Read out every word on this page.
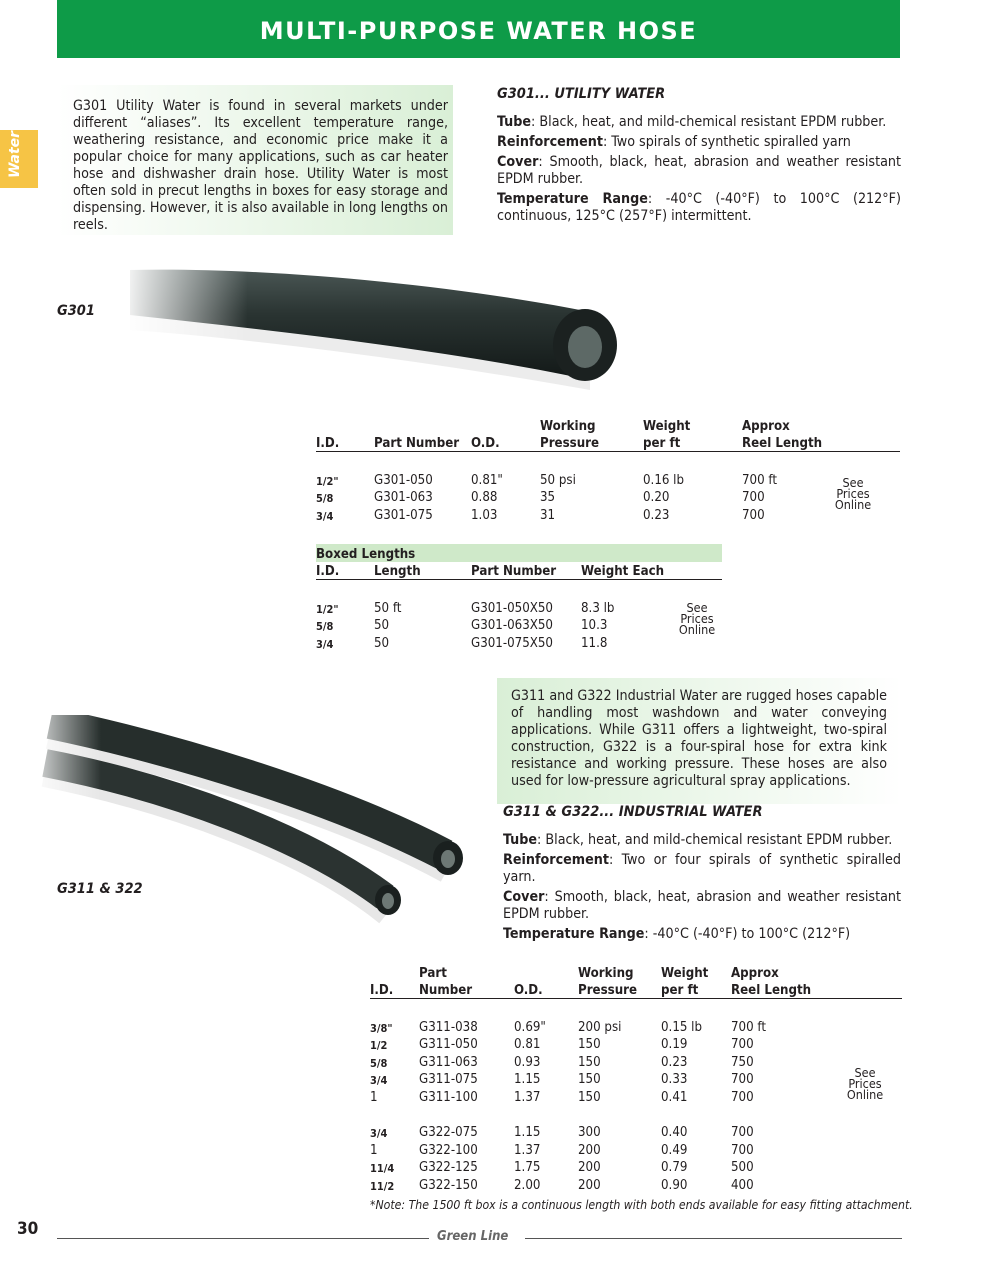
MULTI-PURPOSE WATER HOSE
Water
G301 Utility Water is found in several markets under different “aliases”. Its excellent temperature range, weathering resistance, and economic price make it a popular choice for many applications, such as car heater hose and dishwasher drain hose. Utility Water is most often sold in precut lengths in boxes for easy storage and dispensing. However, it is also available in long lengths on reels.
G301... UTILITY WATER

Tube: Black, heat, and mild-chemical resistant EPDM rubber.

Reinforcement: Two spirals of synthetic spiralled yarn

Cover: Smooth, black, heat, abrasion and weather resistant EPDM rubber.

Temperature Range: -40°C (-40°F) to 100°C (212°F) continuous, 125°C (257°F) intermittent.

G301
			Working	Weight	Approx
I.D.	Part Number	O.D.	Pressure	per ft	Reel Length

1/2"	G301-050	0.81"	50 psi	0.16 lb	700 ft
5/8	G301-063	0.88	35	0.20	700
3/4	G301-075	1.03	31	0.23	700
See
Prices
Online
Boxed Lengths			
I.D.	Length	Part Number	Weight Each

1/2"	50 ft	G301-050X50	8.3 lb
5/8	50	G301-063X50	10.3
3/4	50	G301-075X50	11.8
See
Prices
Online
G311 & 322
G311 and G322 Industrial Water are rugged hoses capable of handling most washdown and water conveying applications. While G311 offers a lightweight, two-spiral construction, G322 is a four-spiral hose for extra kink resistance and working pressure. These hoses are also used for low-pressure agricultural spray applications.
G311 & G322... INDUSTRIAL WATER

Tube: Black, heat, and mild-chemical resistant EPDM rubber.

Reinforcement: Two or four spirals of synthetic spiralled yarn.

Cover: Smooth, black, heat, abrasion and weather resistant EPDM rubber.

Temperature Range: -40°C (-40°F) to 100°C (212°F)

	Part		Working	Weight	Approx
I.D.	Number	O.D.	Pressure	per ft	Reel Length

3/8"	G311-038	0.69"	200 psi	0.15 lb	700 ft
1/2	G311-050	0.81	150	0.19	700
5/8	G311-063	0.93	150	0.23	750
3/4	G311-075	1.15	150	0.33	700
1	G311-100	1.37	150	0.41	700

3/4	G322-075	1.15	300	0.40	700
1	G322-100	1.37	200	0.49	700
11/4	G322-125	1.75	200	0.79	500
11/2	G322-150	2.00	200	0.90	400
See
Prices
Online
*Note: The 1500 ft box is a continuous length with both ends available for easy fitting attachment.
30	Green Line
